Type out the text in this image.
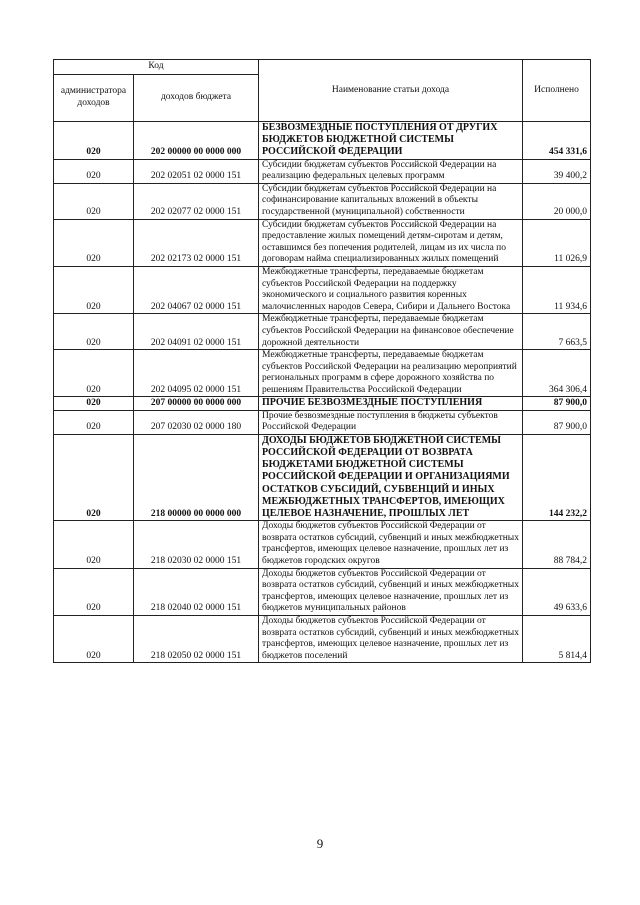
Код		Наименование статьи дохода	Исполнено
администратора доходов	доходов бюджета		
020	202 00000 00 0000 000	БЕЗВОЗМЕЗДНЫЕ ПОСТУПЛЕНИЯ ОТ ДРУГИХ БЮДЖЕТОВ БЮДЖЕТНОЙ СИСТЕМЫ РОССИЙСКОЙ ФЕДЕРАЦИИ	454 331,6
020	202 02051 02 0000 151	Субсидии бюджетам субъектов Российской Федерации на реализацию федеральных целевых программ	39 400,2
020	202 02077 02 0000 151	Субсидии бюджетам субъектов Российской Федерации на софинансирование капитальных вложений в объекты государственной (муниципальной) собственности	20 000,0
020	202 02173 02 0000 151	Субсидии бюджетам субъектов Российской Федерации на предоставление жилых помещений детям-сиротам и детям, оставшимся без попечения родителей, лицам из их числа по договорам найма специализированных жилых помещений	11 026,9
020	202 04067 02 0000 151	Межбюджетные трансферты, передаваемые бюджетам субъектов Российской Федерации на поддержку экономического и социального развития коренных малочисленных народов Севера, Сибири и Дальнего Востока	11 934,6
020	202 04091 02 0000 151	Межбюджетные трансферты, передаваемые бюджетам субъектов Российской Федерации на финансовое обеспечение дорожной деятельности	7 663,5
020	202 04095 02 0000 151	Межбюджетные трансферты, передаваемые бюджетам субъектов Российской Федерации на реализацию мероприятий региональных программ в сфере дорожного хозяйства по решениям Правительства Российской Федерации	364 306,4
020	207 00000 00 0000 000	ПРОЧИЕ БЕЗВОЗМЕЗДНЫЕ ПОСТУПЛЕНИЯ	87 900,0
020	207 02030 02 0000 180	Прочие безвозмездные поступления в бюджеты субъектов Российской Федерации	87 900,0
020	218 00000 00 0000 000	ДОХОДЫ БЮДЖЕТОВ БЮДЖЕТНОЙ СИСТЕМЫ РОССИЙСКОЙ ФЕДЕРАЦИИ ОТ ВОЗВРАТА БЮДЖЕТАМИ БЮДЖЕТНОЙ СИСТЕМЫ РОССИЙСКОЙ ФЕДЕРАЦИИ И ОРГАНИЗАЦИЯМИ ОСТАТКОВ СУБСИДИЙ, СУБВЕНЦИЙ И ИНЫХ МЕЖБЮДЖЕТНЫХ ТРАНСФЕРТОВ, ИМЕЮЩИХ ЦЕЛЕВОЕ НАЗНАЧЕНИЕ, ПРОШЛЫХ ЛЕТ	144 232,2
020	218 02030 02 0000 151	Доходы бюджетов субъектов Российской Федерации от возврата остатков субсидий, субвенций и иных межбюджетных трансфертов, имеющих целевое назначение, прошлых лет из бюджетов городских округов	88 784,2
020	218 02040 02 0000 151	Доходы бюджетов субъектов Российской Федерации от возврата остатков субсидий, субвенций и иных межбюджетных трансфертов, имеющих целевое назначение, прошлых лет из бюджетов муниципальных районов	49 633,6
020	218 02050 02 0000 151	Доходы бюджетов субъектов Российской Федерации от возврата остатков субсидий, субвенций и иных межбюджетных трансфертов, имеющих целевое назначение, прошлых лет из бюджетов поселений	5 814,4
9
